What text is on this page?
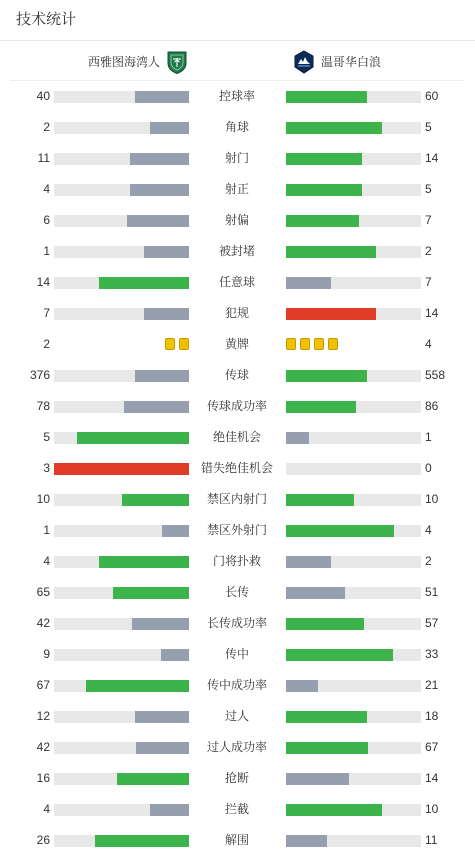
技术统计
西雅图海湾人	温哥华白浪
40	控球率	60
2	角球	5
11	射门	14
4	射正	5
6	射偏	7
1	被封堵	2
14	任意球	7
7	犯规	14
2	黄牌	4
376	传球	558
78	传球成功率	86
5	绝佳机会	1
3	错失绝佳机会	0
10	禁区内射门	10
1	禁区外射门	4
4	门将扑救	2
65	长传	51
42	长传成功率	57
9	传中	33
67	传中成功率	21
12	过人	18
42	过人成功率	67
16	抢断	14
4	拦截	10
26	解围	11
